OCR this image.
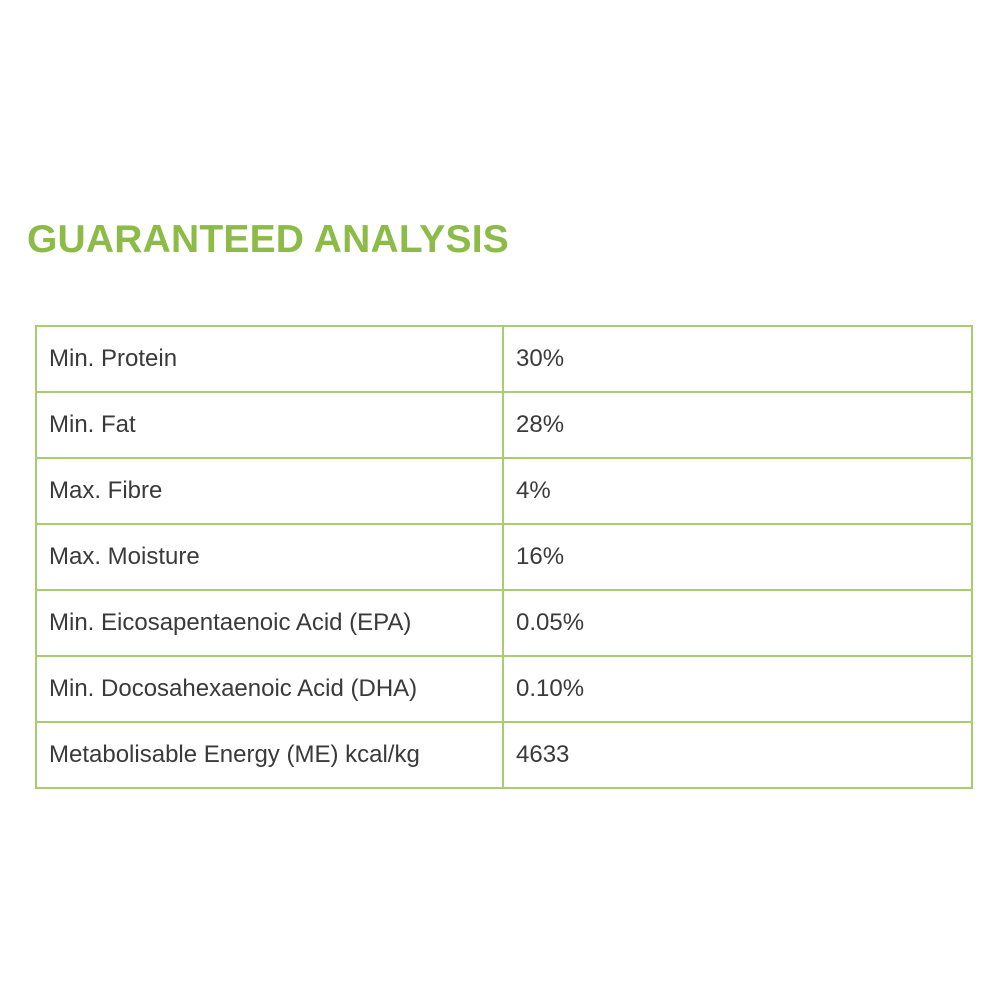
GUARANTEED ANALYSIS
Min. Protein	30%
Min. Fat	28%
Max. Fibre	4%
Max. Moisture	16%
Min. Eicosapentaenoic Acid (EPA)	0.05%
Min. Docosahexaenoic Acid (DHA)	0.10%
Metabolisable Energy (ME) kcal/kg	4633
